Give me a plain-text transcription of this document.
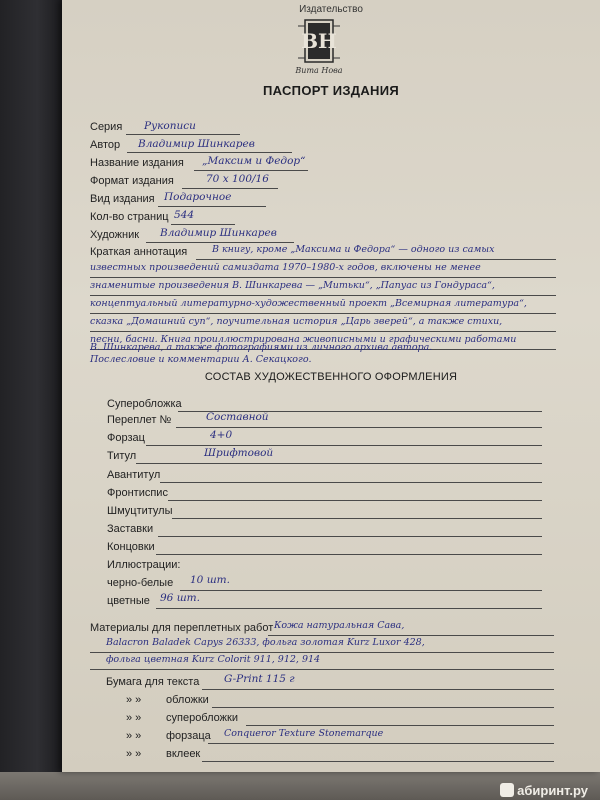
Издательство
ВН
Вита Нова
ПАСПОРТ ИЗДАНИЯ
Серия Рукописи
Автор Владимир Шинкарев
Название издания „Максим и Федор“
Формат издания	70 х 100/16
Вид издания Подарочное
Кол-во страниц 544
Художник Владимир Шинкарев
Краткая аннотация	В книгу, кроме „Максима и Федора“ — одного из самых
известных произведений самиздата 1970–1980-х годов, включены не менее
знаменитые произведения В. Шинкарева — „Митьки“, „Папуас из Гондураса“,
концептуальный литературно-художественный проект „Всемирная литература“,
сказка „Домашний суп“, поучительная история „Царь зверей“, а также стихи,
песни, басни. Книга проиллюстрирована живописными и графическими работами
В. Шинкарева, а также фотографиями из личного архива автора.
Послесловие и комментарии А. Секацкого.
СОСТАВ ХУДОЖЕСТВЕННОГО ОФОРМЛЕНИЯ
Суперобложка
Переплет №	Составной
Форзац	4+0
Титул	Шрифтовой
Авантитул
Фронтиспис
Шмуцтитулы
Заставки
Концовки
Иллюстрации:
черно-белые 10 шт.
цветные 96 шт.
Материалы для переплетных работ Кожа натуральная Сава,
Balacron Baladek Capys 26333, фольга золотая Kurz Luxor 428,
фольга цветная Kurz Colorit 911, 912, 914
Бумага для текста G-Print 115 г
» » обложки
» » суперобложки
» » форзаца Conqueror Texture Stonemarque
» » вклеек
абиринт.ру
